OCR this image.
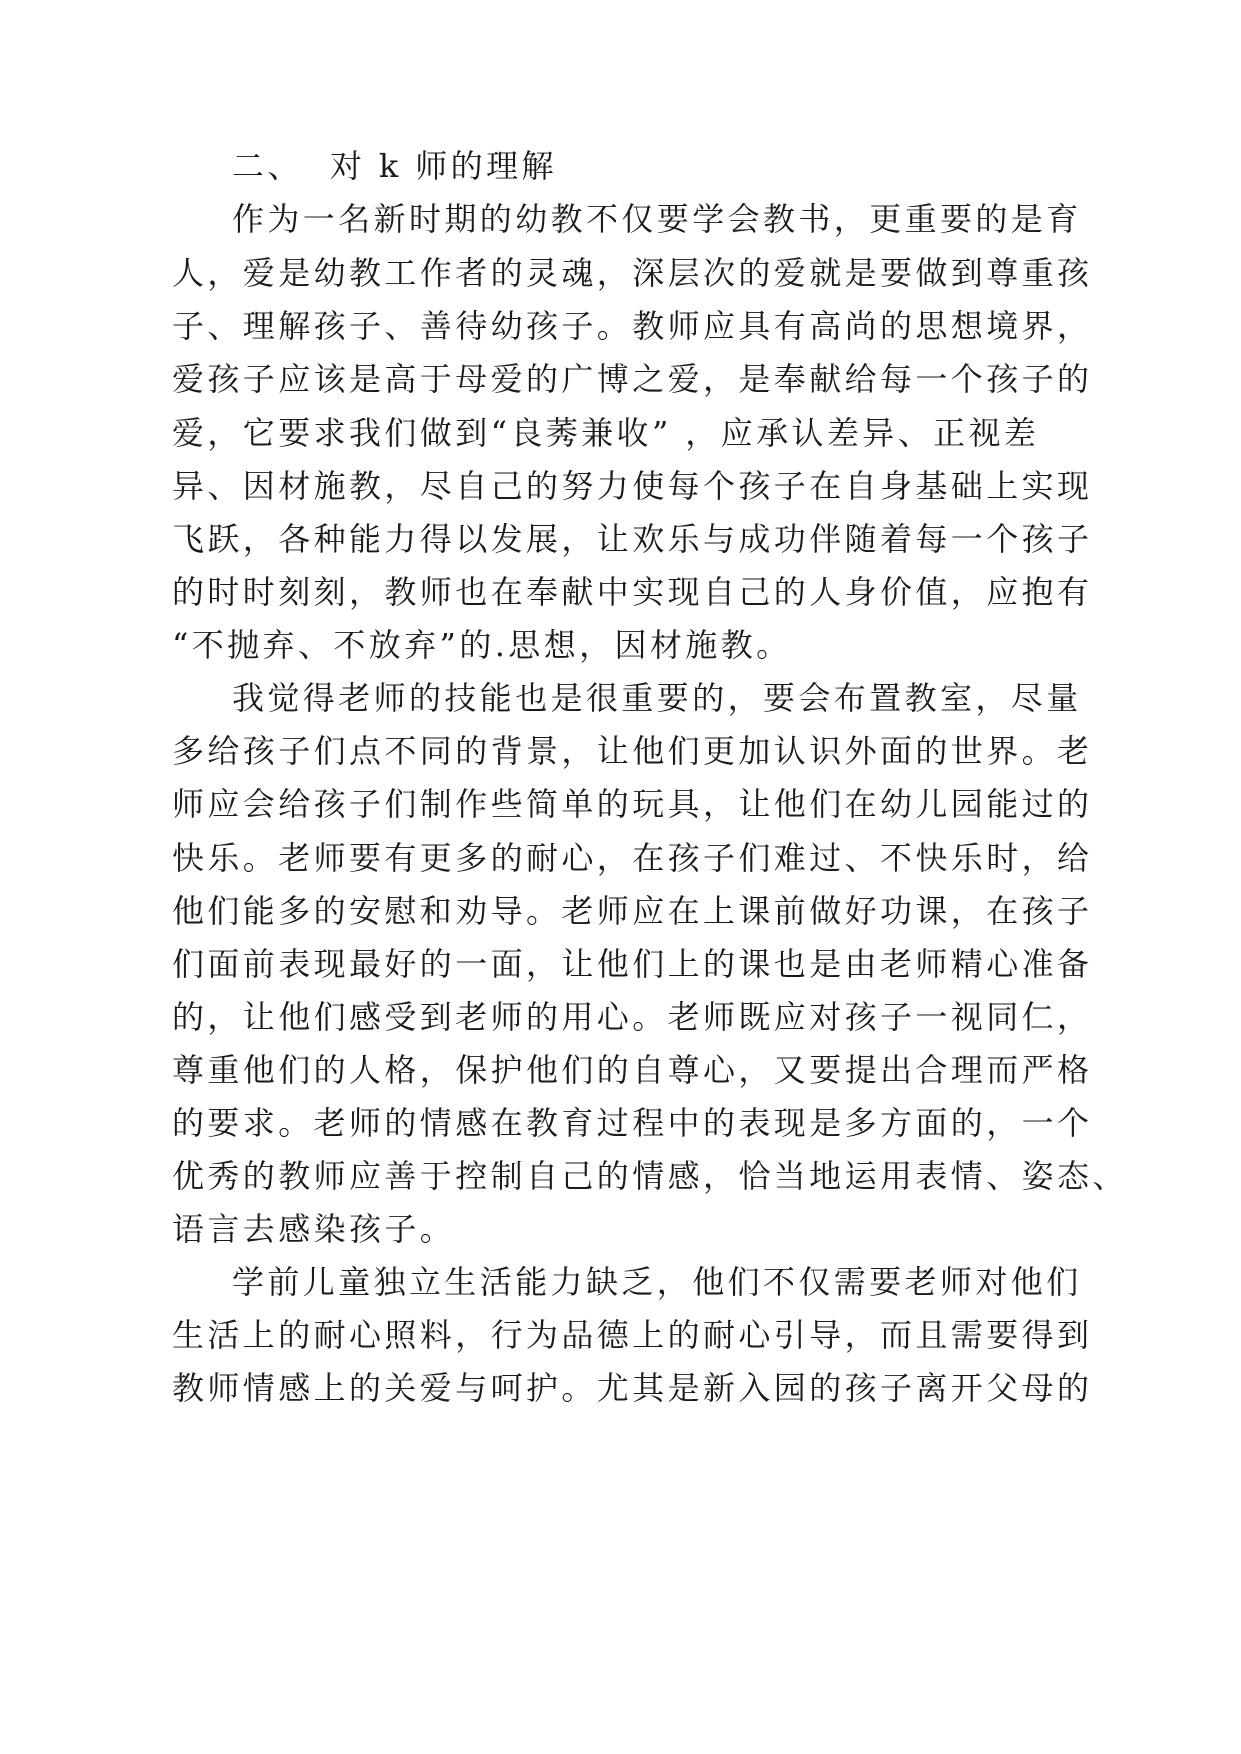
二、  对 k 师的理解
作为一名新时期的幼教不仅要学会教书，更重要的是育
人，爱是幼教工作者的灵魂，深层次的爱就是要做到尊重孩
子、理解孩子、善待幼孩子。教师应具有高尚的思想境界，
爱孩子应该是高于母爱的广博之爱，是奉献给每一个孩子的
爱，它要求我们做到“良莠兼收” ，应承认差异、正视差
异、因材施教，尽自己的努力使每个孩子在自身基础上实现
飞跃，各种能力得以发展，让欢乐与成功伴随着每一个孩子
的时时刻刻，教师也在奉献中实现自己的人身价值，应抱有
“不抛弃、不放弃”的.思想，因材施教。
我觉得老师的技能也是很重要的，要会布置教室，尽量
多给孩子们点不同的背景，让他们更加认识外面的世界。老
师应会给孩子们制作些简单的玩具，让他们在幼儿园能过的
快乐。老师要有更多的耐心，在孩子们难过、不快乐时，给
他们能多的安慰和劝导。老师应在上课前做好功课，在孩子
们面前表现最好的一面，让他们上的课也是由老师精心准备
的，让他们感受到老师的用心。老师既应对孩子一视同仁，
尊重他们的人格，保护他们的自尊心，又要提出合理而严格
的要求。老师的情感在教育过程中的表现是多方面的，一个
优秀的教师应善于控制自己的情感，恰当地运用表情、姿态、
语言去感染孩子。
学前儿童独立生活能力缺乏，他们不仅需要老师对他们
生活上的耐心照料，行为品德上的耐心引导，而且需要得到
教师情感上的关爱与呵护。尤其是新入园的孩子离开父母的
